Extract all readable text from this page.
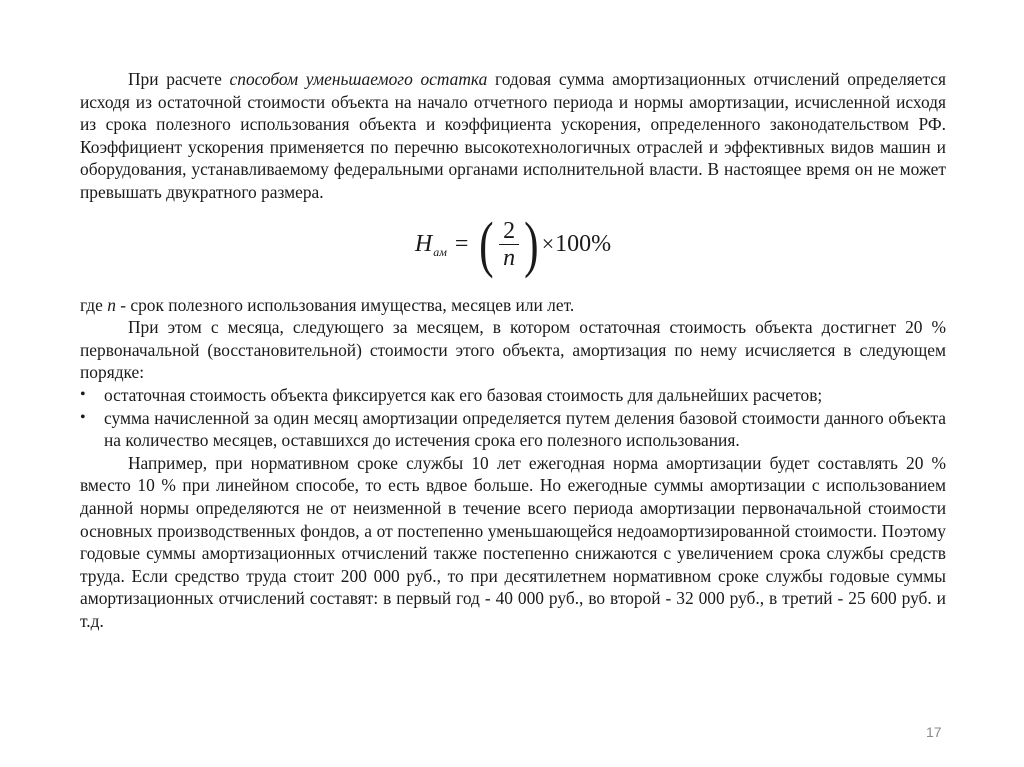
При расчете способом уменьшаемого остатка годовая сумма амортизационных отчислений определяется исходя из остаточной стоимости объекта на начало отчетного периода и нормы амортизации, исчисленной исходя из срока полезного использования объекта и коэффициента ускорения, определенного законодательством РФ. Коэффициент ускорения применяется по перечню высокотехнологичных отраслей и эффективных видов машин и оборудования, устанавливаемому федеральными органами исполнительной власти. В настоящее время он не может превышать двукратного размера.

Н ам = ( $\frac{2}{n}$ ) × 100%

где n - срок полезного использования имущества, месяцев или лет.

При этом с месяца, следующего за месяцем, в котором остаточная стоимость объекта достигнет 20 % первоначальной (восстановительной) стоимости этого объекта, амортизация по нему исчисляется в следующем порядке:

• остаточная стоимость объекта фиксируется как его базовая стоимость для дальнейших расчетов;
• сумма начисленной за один месяц амортизации определяется путем деления базовой стоимости данного объекта на количество месяцев, оставшихся до истечения срока его полезного использования.

Например, при нормативном сроке службы 10 лет ежегодная норма амортизации будет составлять 20 % вместо 10 % при линейном способе, то есть вдвое больше. Но ежегодные суммы амортизации с использованием данной нормы определяются не от неизменной в течение всего периода амортизации первоначальной стоимости основных производственных фондов, а от постепенно уменьшающейся недоамортизированной стоимости. Поэтому годовые суммы амортизационных отчислений также постепенно снижаются с увеличением срока службы средств труда. Если средство труда стоит 200 000 руб., то при десятилетнем нормативном сроке службы годовые суммы амортизационных отчислений составят: в первый год - 40 000 руб., во второй - 32 000 руб., в третий - 25 600 руб. и т.д.

17
